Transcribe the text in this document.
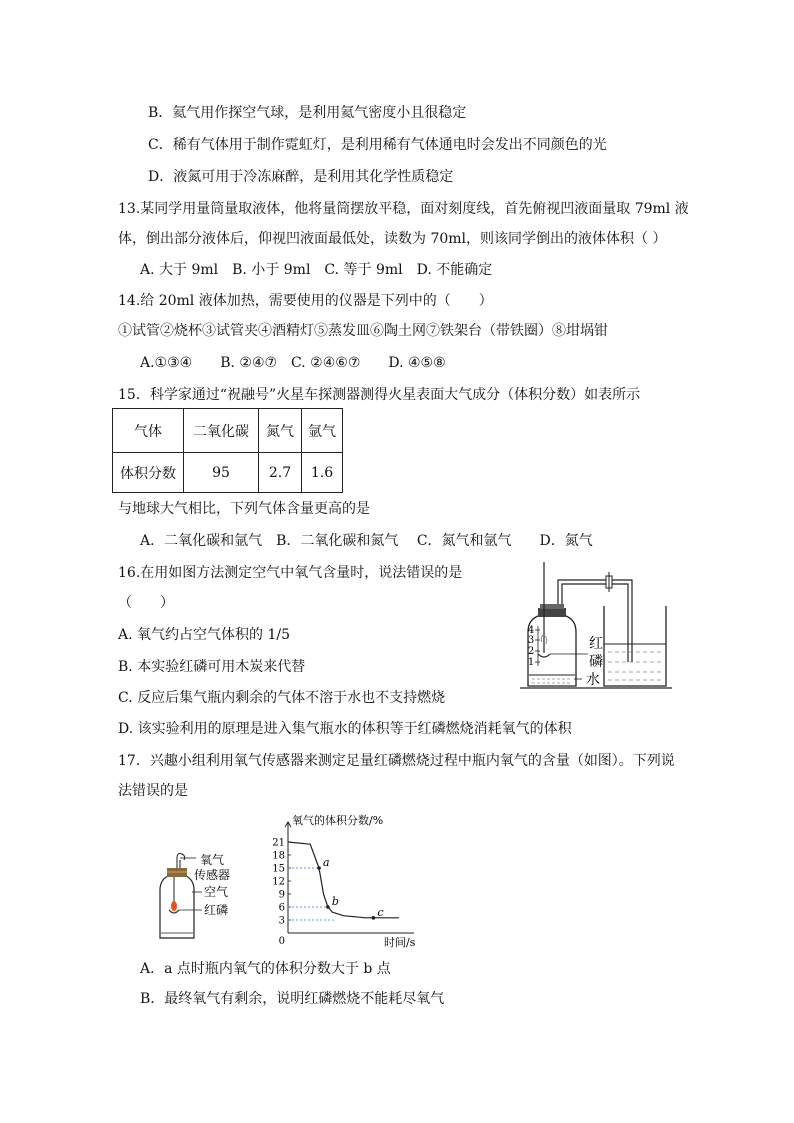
B．氦气用作探空气球，是利用氦气密度小且很稳定
C．稀有气体用于制作霓虹灯，是利用稀有气体通电时会发出不同颜色的光
D．液氮可用于冷冻麻醉，是利用其化学性质稳定
13.某同学用量筒量取液体，他将量筒摆放平稳，面对刻度线，首先俯视凹液面量取 79ml 液
体，倒出部分液体后，仰视凹液面最低处，读数为 70ml，则该同学倒出的液体体积（ ）
A. 大于 9ml　B. 小于 9ml　C. 等于 9ml　D. 不能确定
14.给 20ml 液体加热，需要使用的仪器是下列中的（　　）
①试管②烧杯③试管夹④酒精灯⑤蒸发皿⑥陶土网⑦铁架台（带铁圈）⑧坩埚钳
A.①③④　　B. ②④⑦　C. ②④⑥⑦　　D. ④⑤⑧
15．科学家通过“祝融号”火星车探测器测得火星表面大气成分（体积分数）如表所示
气体	二氧化碳	氮气	氩气
体积分数	95	2.7	1.6
与地球大气相比，下列气体含量更高的是
A．二氧化碳和氩气　B．二氧化碳和氮气　 C．氮气和氩气　　D．氮气
16.在用如图方法测定空气中氧气含量时，说法错误的是
（　　）
A. 氧气约占空气体积的 1/5
B. 本实验红磷可用木炭来代替
C. 反应后集气瓶内剩余的气体不溶于水也不支持燃烧
D. 该实验利用的原理是进入集气瓶水的体积等于红磷燃烧消耗氧气的体积
4
3
2
1
红
磷
水
17．兴趣小组利用氧气传感器来测定足量红磷燃烧过程中瓶内氧气的含量（如图）。下列说
法错误的是
氧气
传感器
空气
红磷
氧气的体积分数/%
时间/s
0
3
6
9
12
15
18
21
a
b
c
A．a 点时瓶内氧气的体积分数大于 b 点
B．最终氧气有剩余，说明红磷燃烧不能耗尽氧气
